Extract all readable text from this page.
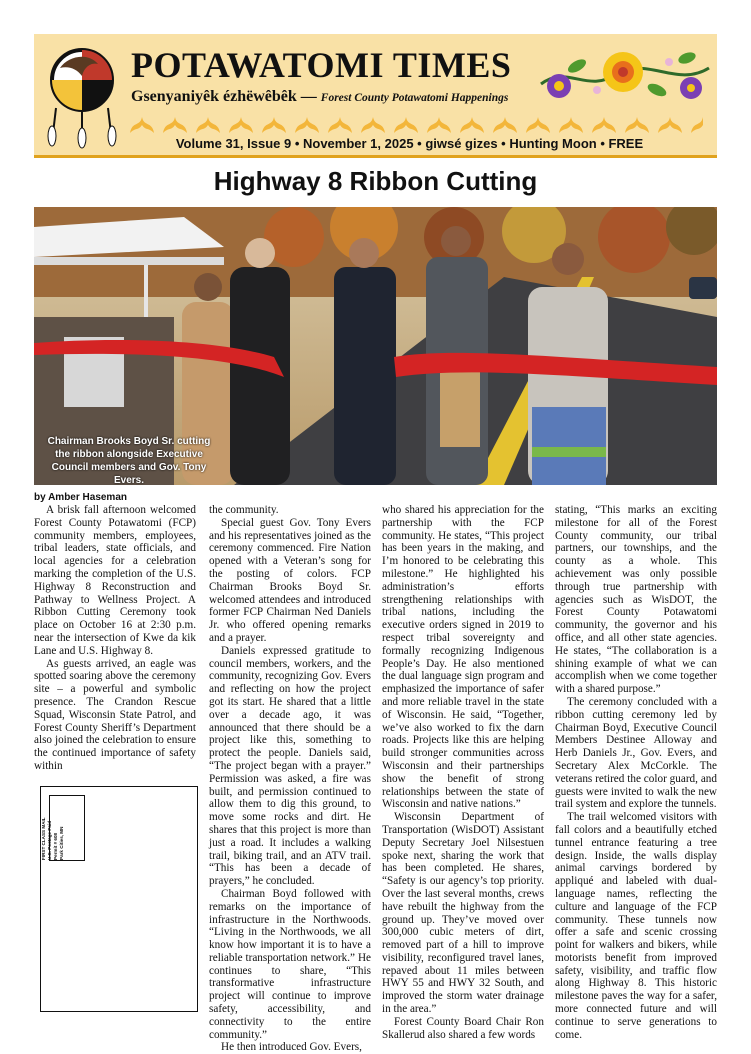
POTAWATOMI TIMES
Gsenyaniyêk ézhëwêbêk — Forest County Potawatomi Happenings
Volume 31, Issue 9 • November 1, 2025 • giwsé gizes • Hunting Moon • FREE
Highway 8 Ribbon Cutting
Chairman Brooks Boyd Sr. cutting the ribbon alongside Executive Council members and Gov. Tony Evers.
by Amber Haseman

A brisk fall afternoon welcomed Forest County Potawatomi (FCP) community members, employees, tribal leaders, state officials, and local agencies for a celebration marking the completion of the U.S. Highway 8 Reconstruction and Pathway to Wellness Project. A Ribbon Cutting Ceremony took place on October 16 at 2:30 p.m. near the intersection of Kwe da kik Lane and U.S. Highway 8.

As guests arrived, an eagle was spotted soaring above the ceremony site – a powerful and symbolic presence. The Crandon Rescue Squad, Wisconsin State Patrol, and Forest County Sheriff’s Department also joined the celebration to ensure the continued importance of safety within

the community.

Special guest Gov. Tony Evers and his representatives joined as the ceremony commenced. Fire Nation opened with a Veteran’s song for the posting of colors. FCP Chairman Brooks Boyd Sr. welcomed attendees and introduced former FCP Chairman Ned Daniels Jr. who offered opening remarks and a prayer.

Daniels expressed gratitude to council members, workers, and the community, recognizing Gov. Evers and reflecting on how the project got its start. He shared that a little over a decade ago, it was announced that there should be a project like this, something to protect the people. Daniels said, “The project began with a prayer.” Permission was asked, a fire was built, and permission continued to allow them to dig this ground, to move some rocks and dirt. He shares that this project is more than just a road. It includes a walking trail, biking trail, and an ATV trail. “This has been a decade of prayers,” he concluded.

Chairman Boyd followed with remarks on the importance of infrastructure in the Northwoods. “Living in the Northwoods, we all know how important it is to have a reliable transportation network.” He continues to share, “This transformative infrastructure project will continue to improve safety, accessibility, and connectivity to the entire community.”

He then introduced Gov. Evers,

who shared his appreciation for the partnership with the FCP community. He states, “This project has been years in the making, and I’m honored to be celebrating this milestone.” He highlighted his administration’s efforts strengthening relationships with tribal nations, including the executive orders signed in 2019 to respect tribal sovereignty and formally recognizing Indigenous People’s Day. He also mentioned the dual language sign program and emphasized the importance of safer and more reliable travel in the state of Wisconsin. He said, “Together, we’ve also worked to fix the darn roads. Projects like this are helping build stronger communities across Wisconsin and their partnerships show the benefit of strong relationships between the state of Wisconsin and native nations.”

Wisconsin Department of Transportation (WisDOT) Assistant Deputy Secretary Joel Nilsestuen spoke next, sharing the work that has been completed. He shares, “Safety is our agency’s top priority. Over the last several months, crews have rebuilt the highway from the ground up. They’ve moved over 300,000 cubic meters of dirt, removed part of a hill to improve visibility, reconfigured travel lanes, repaved about 11 miles between HWY 55 and HWY 32 South, and improved the storm water drainage in the area.”

Forest County Board Chair Ron Skallerud also shared a few words

stating, “This marks an exciting milestone for all of the Forest County community, our tribal partners, our townships, and the county as a whole. This achievement was only possible through true partnership with agencies such as WisDOT, the Forest County Potawatomi community, the governor and his office, and all other state agencies. He states, “The collaboration is a shining example of what we can accomplish when we come together with a shared purpose.”

The ceremony concluded with a ribbon cutting ceremony led by Chairman Boyd, Executive Council Members Destinee Alloway and Herb Daniels Jr., Gov. Evers, and Secretary Alex McCorkle. The veterans retired the color guard, and guests were invited to walk the new trail system and explore the tunnels.

The trail welcomed visitors with fall colors and a beautifully etched tunnel entrance featuring a tree design. Inside, the walls display animal carvings bordered by appliqué and labeled with dual-language names, reflecting the culture and language of the FCP community. These tunnels now offer a safe and scenic crossing point for walkers and bikers, while motorists benefit from improved safety, visibility, and traffic flow along Highway 8. This historic milestone paves the way for a safer, more connected future and will continue to serve generations to come.

FIRST CLASS MAIL
U.S. Postage Paid
Permit # 608
Park Cities, MN
